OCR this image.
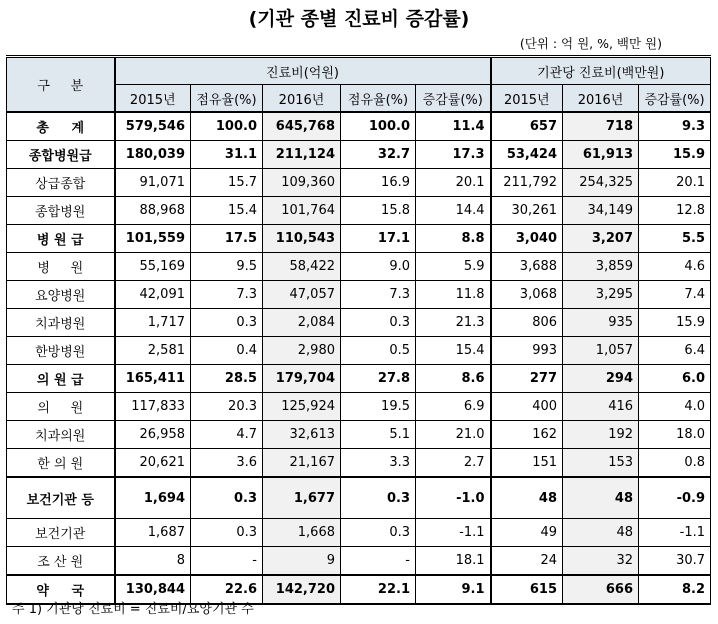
(기관 종별 진료비 증감률)
(단위 : 억 원, %, 백만 원)
구     분	진료비(억원)					기관당 진료비(백만원)		
	2015년	점유율(%)	2016년	점유율(%)	증감률(%)	2015년	2016년	증감률(%)
총     계	579,546	100.0	645,768	100.0	11.4	657	718	9.3
종합병원급	180,039	31.1	211,124	32.7	17.3	53,424	61,913	15.9
상급종합	91,071	15.7	109,360	16.9	20.1	211,792	254,325	20.1
종합병원	88,968	15.4	101,764	15.8	14.4	30,261	34,149	12.8
병 원 급	101,559	17.5	110,543	17.1	8.8	3,040	3,207	5.5
병     원	55,169	9.5	58,422	9.0	5.9	3,688	3,859	4.6
요양병원	42,091	7.3	47,057	7.3	11.8	3,068	3,295	7.4
치과병원	1,717	0.3	2,084	0.3	21.3	806	935	15.9
한방병원	2,581	0.4	2,980	0.5	15.4	993	1,057	6.4
의 원 급	165,411	28.5	179,704	27.8	8.6	277	294	6.0
의     원	117,833	20.3	125,924	19.5	6.9	400	416	4.0
치과의원	26,958	4.7	32,613	5.1	21.0	162	192	18.0
한 의 원	20,621	3.6	21,167	3.3	2.7	151	153	0.8
보건기관 등	1,694	0.3	1,677	0.3	-1.0	48	48	-0.9
보건기관	1,687	0.3	1,668	0.3	-1.1	49	48	-1.1
조 산 원	8	-	9	-	18.1	24	32	30.7
약     국	130,844	22.6	142,720	22.1	9.1	615	666	8.2
주 1) 기관당 진료비 = 진료비/요양기관 수
